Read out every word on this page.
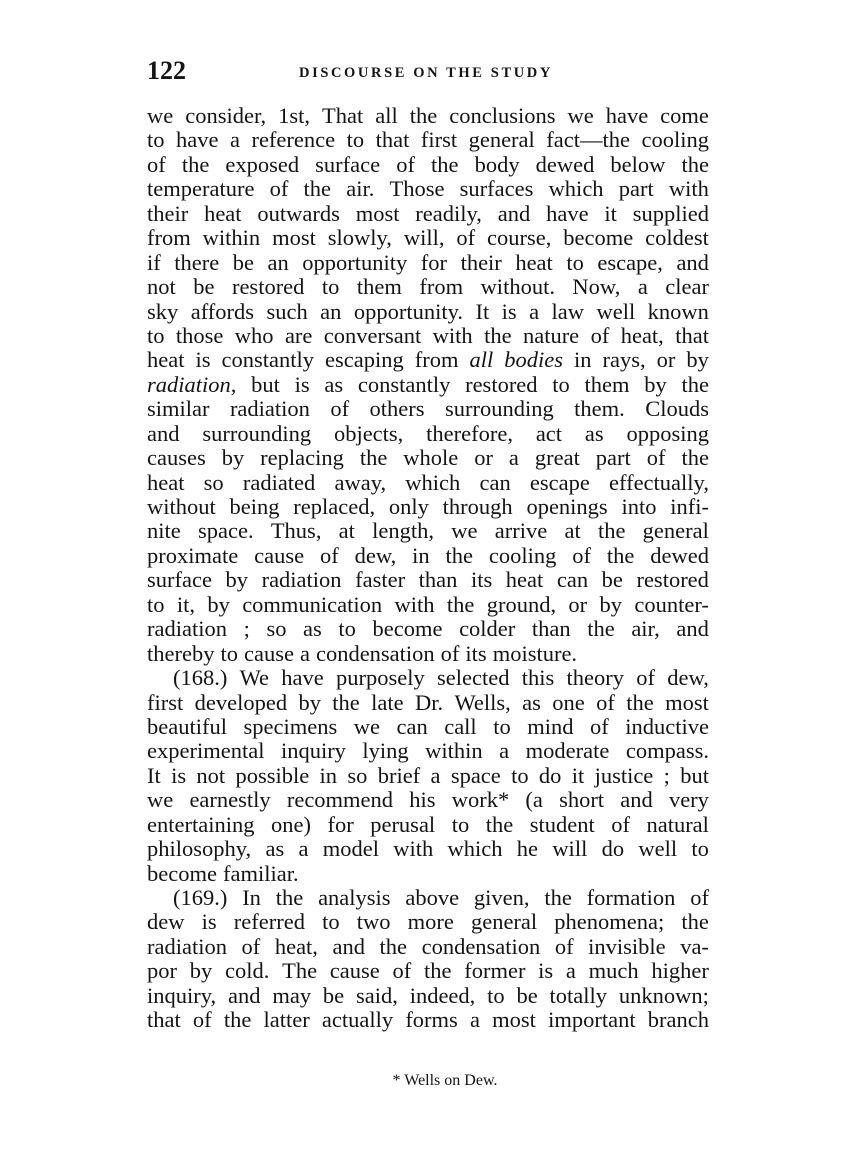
122	DISCOURSE ON THE STUDY
we consider, 1st, That all the conclusions we have come
to have a reference to that first general fact—the cooling
of the exposed surface of the body dewed below the
temperature of the air. Those surfaces which part with
their heat outwards most readily, and have it supplied
from within most slowly, will, of course, become coldest
if there be an opportunity for their heat to escape, and
not be restored to them from without. Now, a clear
sky affords such an opportunity. It is a law well known
to those who are conversant with the nature of heat, that
heat is constantly escaping from all bodies in rays, or by
radiation, but is as constantly restored to them by the
similar radiation of others surrounding them. Clouds
and surrounding objects, therefore, act as opposing
causes by replacing the whole or a great part of the
heat so radiated away, which can escape effectually,
without being replaced, only through openings into infi-
nite space. Thus, at length, we arrive at the general
proximate cause of dew, in the cooling of the dewed
surface by radiation faster than its heat can be restored
to it, by communication with the ground, or by counter-
radiation ; so as to become colder than the air, and
thereby to cause a condensation of its moisture.
(168.) We have purposely selected this theory of dew,
first developed by the late Dr. Wells, as one of the most
beautiful specimens we can call to mind of inductive
experimental inquiry lying within a moderate compass.
It is not possible in so brief a space to do it justice ; but
we earnestly recommend his work* (a short and very
entertaining one) for perusal to the student of natural
philosophy, as a model with which he will do well to
become familiar.
(169.) In the analysis above given, the formation of
dew is referred to two more general phenomena; the
radiation of heat, and the condensation of invisible va-
por by cold. The cause of the former is a much higher
inquiry, and may be said, indeed, to be totally unknown;
that of the latter actually forms a most important branch
* Wells on Dew.
